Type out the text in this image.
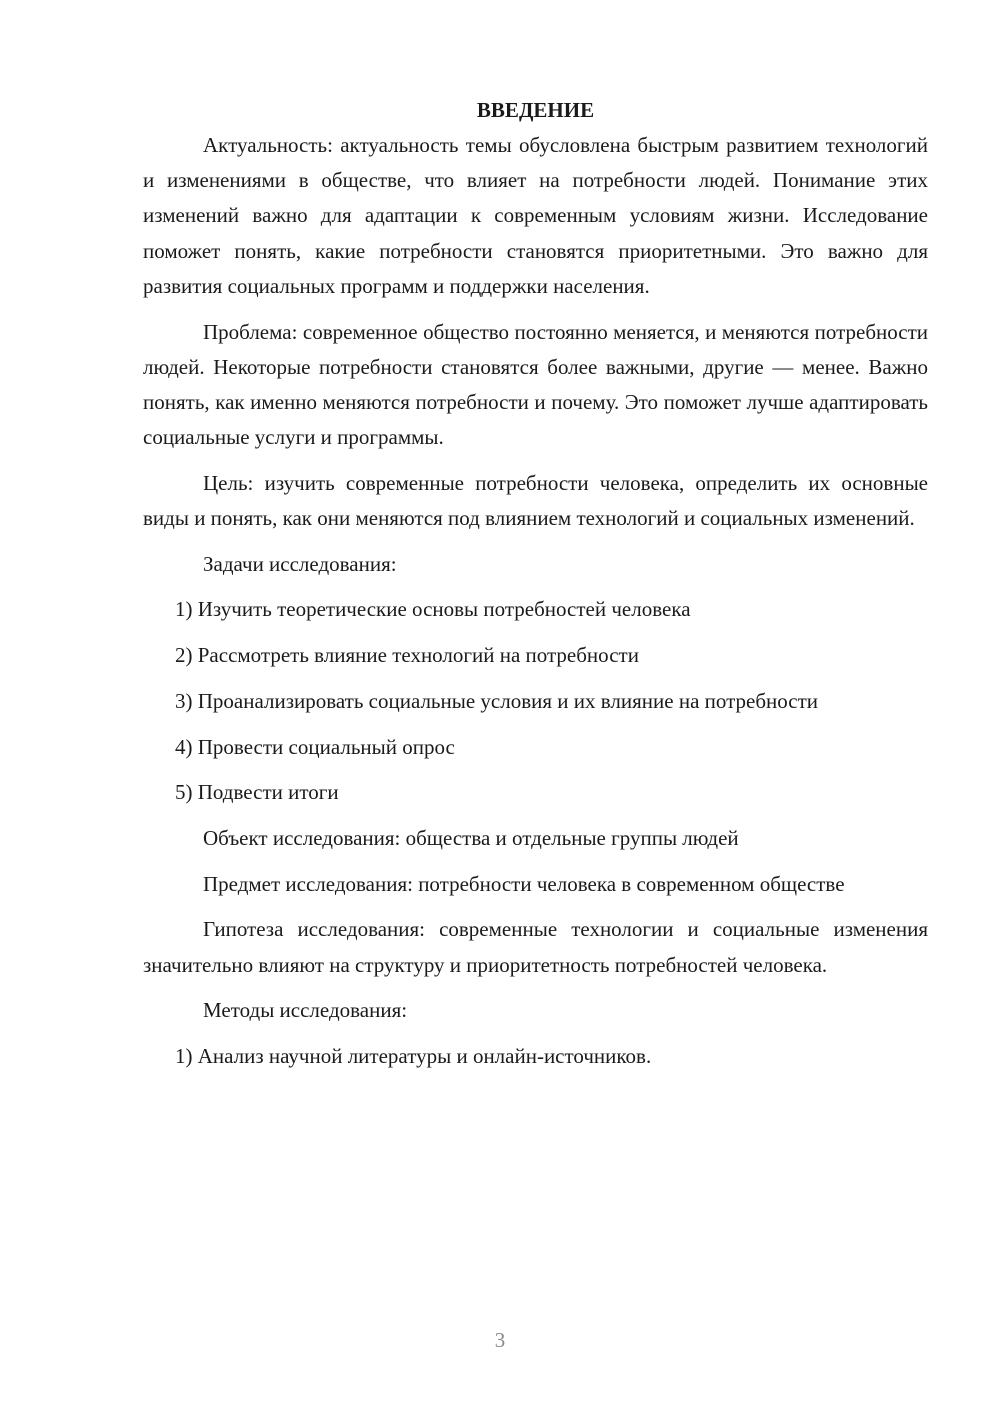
ВВЕДЕНИЕ

Актуальность: актуальность темы обусловлена быстрым развитием технологий и изменениями в обществе, что влияет на потребности людей. Понимание этих изменений важно для адаптации к современным условиям жизни. Исследование поможет понять, какие потребности становятся приоритетными. Это важно для развития социальных программ и поддержки населения.

Проблема: современное общество постоянно меняется, и меняются потребности людей. Некоторые потребности становятся более важными, другие — менее. Важно понять, как именно меняются потребности и почему. Это поможет лучше адаптировать социальные услуги и программы.

Цель: изучить современные потребности человека, определить их основные виды и понять, как они меняются под влиянием технологий и социальных изменений.

Задачи исследования:

1) Изучить теоретические основы потребностей человека

2) Рассмотреть влияние технологий на потребности

3) Проанализировать социальные условия и их влияние на потребности

4) Провести социальный опрос

5) Подвести итоги

Объект исследования: общества и отдельные группы людей

Предмет исследования: потребности человека в современном обществе

Гипотеза исследования: современные технологии и социальные изменения значительно влияют на структуру и приоритетность потребностей человека.

Методы исследования:

1) Анализ научной литературы и онлайн-источников.

3
